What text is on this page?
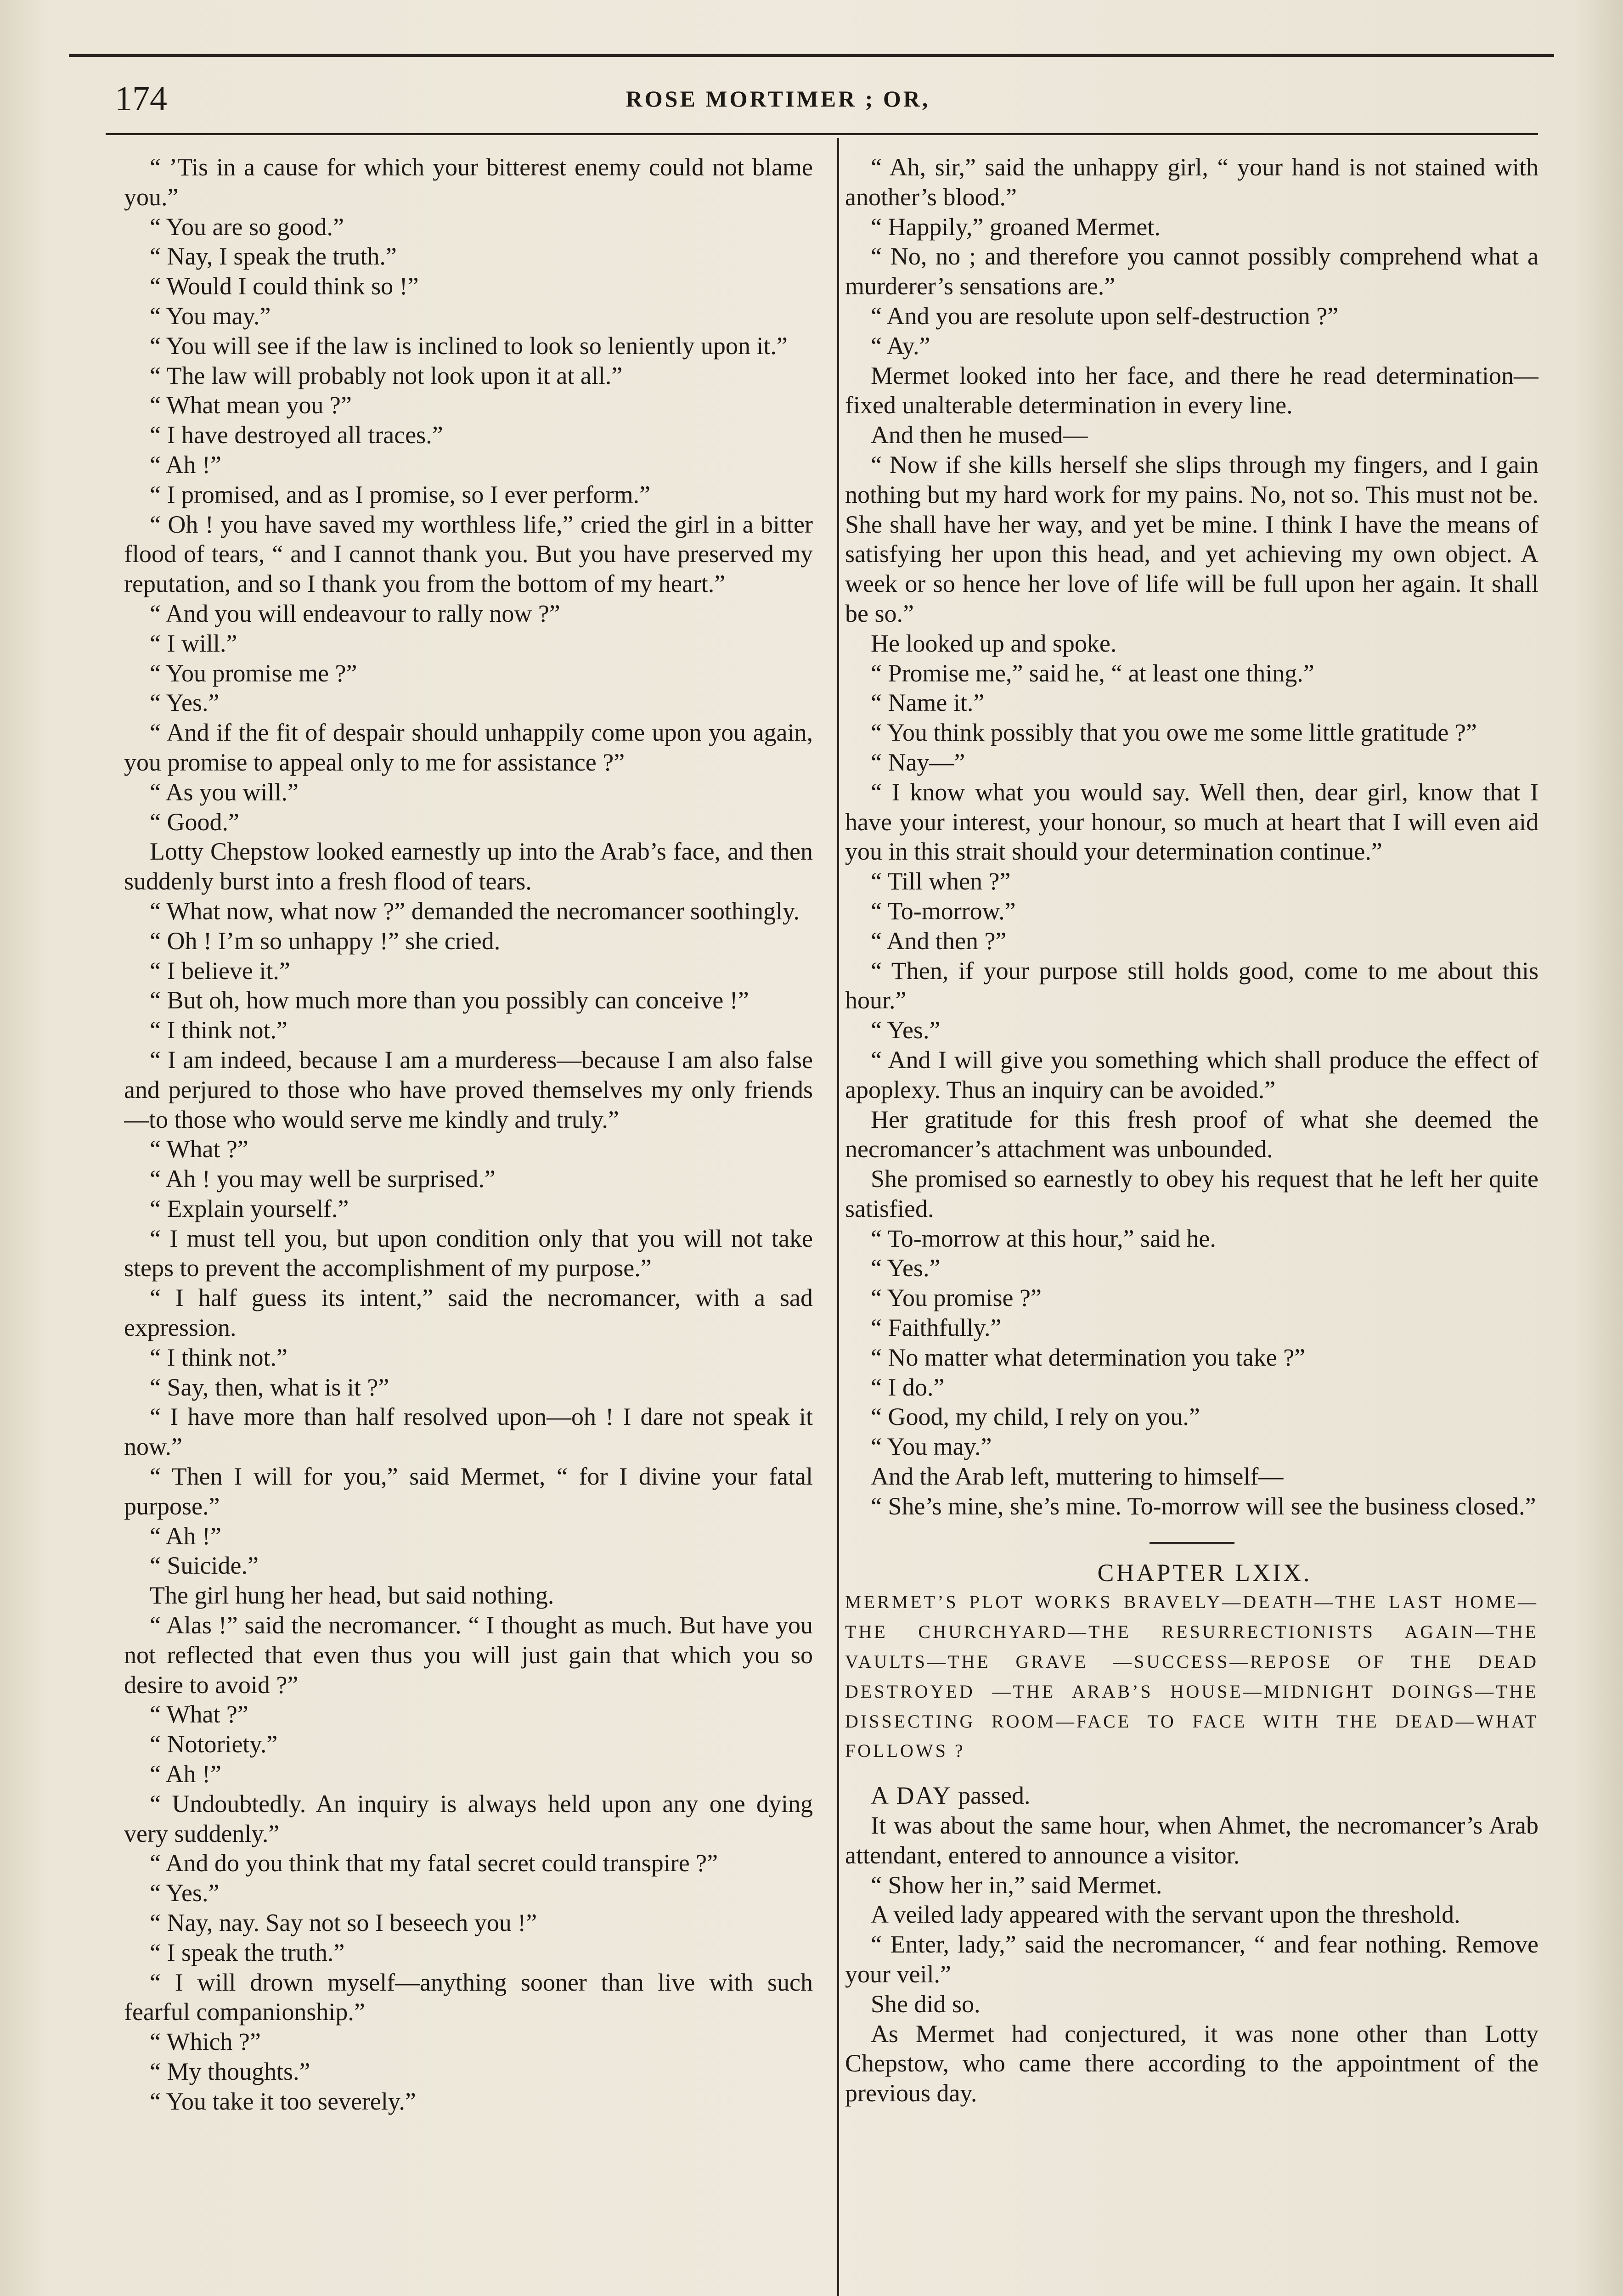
174	ROSE MORTIMER ; OR,

“ ’Tis in a cause for which your bitterest enemy could not blame you.”

“ You are so good.”

“ Nay, I speak the truth.”

“ Would I could think so !”

“ You may.”

“ You will see if the law is inclined to look so leniently upon it.”

“ The law will probably not look upon it at all.”

“ What mean you ?”

“ I have destroyed all traces.”

“ Ah !”

“ I promised, and as I promise, so I ever perform.”

“ Oh ! you have saved my worthless life,” cried the girl in a bitter flood of tears, “ and I cannot thank you. But you have preserved my reputation, and so I thank you from the bottom of my heart.”

“ And you will endeavour to rally now ?”

“ I will.”

“ You promise me ?”

“ Yes.”

“ And if the fit of despair should unhappily come upon you again, you promise to appeal only to me for assistance ?”

“ As you will.”

“ Good.”

Lotty Chepstow looked earnestly up into the Arab’s face, and then suddenly burst into a fresh flood of tears.

“ What now, what now ?” demanded the necromancer soothingly.

“ Oh ! I’m so unhappy !” she cried.

“ I believe it.”

“ But oh, how much more than you possibly can conceive !”

“ I think not.”

“ I am indeed, because I am a murderess—because I am also false and perjured to those who have proved themselves my only friends—to those who would serve me kindly and truly.”

“ What ?”

“ Ah ! you may well be surprised.”

“ Explain yourself.”

“ I must tell you, but upon condition only that you will not take steps to prevent the accomplishment of my purpose.”

“ I half guess its intent,” said the necromancer, with a sad expression.

“ I think not.”

“ Say, then, what is it ?”

“ I have more than half resolved upon—oh ! I dare not speak it now.”

“ Then I will for you,” said Mermet, “ for I divine your fatal purpose.”

“ Ah !”

“ Suicide.”

The girl hung her head, but said nothing.

“ Alas !” said the necromancer. “ I thought as much. But have you not reflected that even thus you will just gain that which you so desire to avoid ?”

“ What ?”

“ Notoriety.”

“ Ah !”

“ Undoubtedly. An inquiry is always held upon any one dying very suddenly.”

“ And do you think that my fatal secret could transpire ?”

“ Yes.”

“ Nay, nay. Say not so I beseech you !”

“ I speak the truth.”

“ I will drown myself—anything sooner than live with such fearful companionship.”

“ Which ?”

“ My thoughts.”

“ You take it too severely.”

“ Ah, sir,” said the unhappy girl, “ your hand is not stained with another’s blood.”

“ Happily,” groaned Mermet.

“ No, no ; and therefore you cannot possibly comprehend what a murderer’s sensations are.”

“ And you are resolute upon self-destruction ?”

“ Ay.”

Mermet looked into her face, and there he read determination—fixed unalterable determination in every line.

And then he mused—

“ Now if she kills herself she slips through my fingers, and I gain nothing but my hard work for my pains. No, not so. This must not be. She shall have her way, and yet be mine. I think I have the means of satisfying her upon this head, and yet achieving my own object. A week or so hence her love of life will be full upon her again. It shall be so.”

He looked up and spoke.

“ Promise me,” said he, “ at least one thing.”

“ Name it.”

“ You think possibly that you owe me some little gratitude ?”

“ Nay—”

“ I know what you would say. Well then, dear girl, know that I have your interest, your honour, so much at heart that I will even aid you in this strait should your determination continue.”

“ Till when ?”

“ To-morrow.”

“ And then ?”

“ Then, if your purpose still holds good, come to me about this hour.”

“ Yes.”

“ And I will give you something which shall produce the effect of apoplexy. Thus an inquiry can be avoided.”

Her gratitude for this fresh proof of what she deemed the necromancer’s attachment was unbounded.

She promised so earnestly to obey his request that he left her quite satisfied.

“ To-morrow at this hour,” said he.

“ Yes.”

“ You promise ?”

“ Faithfully.”

“ No matter what determination you take ?”

“ I do.”

“ Good, my child, I rely on you.”

“ You may.”

And the Arab left, muttering to himself—

“ She’s mine, she’s mine. To-morrow will see the business closed.”

CHAPTER LXIX.

MERMET’S PLOT WORKS BRAVELY—DEATH—THE LAST HOME—THE CHURCHYARD—THE RESURRECTIONISTS AGAIN—THE VAULTS—THE GRAVE —SUCCESS—REPOSE OF THE DEAD DESTROYED —THE ARAB’S HOUSE—MIDNIGHT DOINGS—THE DISSECTING ROOM—FACE TO FACE WITH THE DEAD—WHAT FOLLOWS ?

A DAY passed.

It was about the same hour, when Ahmet, the necromancer’s Arab attendant, entered to announce a visitor.

“ Show her in,” said Mermet.

A veiled lady appeared with the servant upon the threshold.

“ Enter, lady,” said the necromancer, “ and fear nothing. Remove your veil.”

She did so.

As Mermet had conjectured, it was none other than Lotty Chepstow, who came there according to the appointment of the previous day.
